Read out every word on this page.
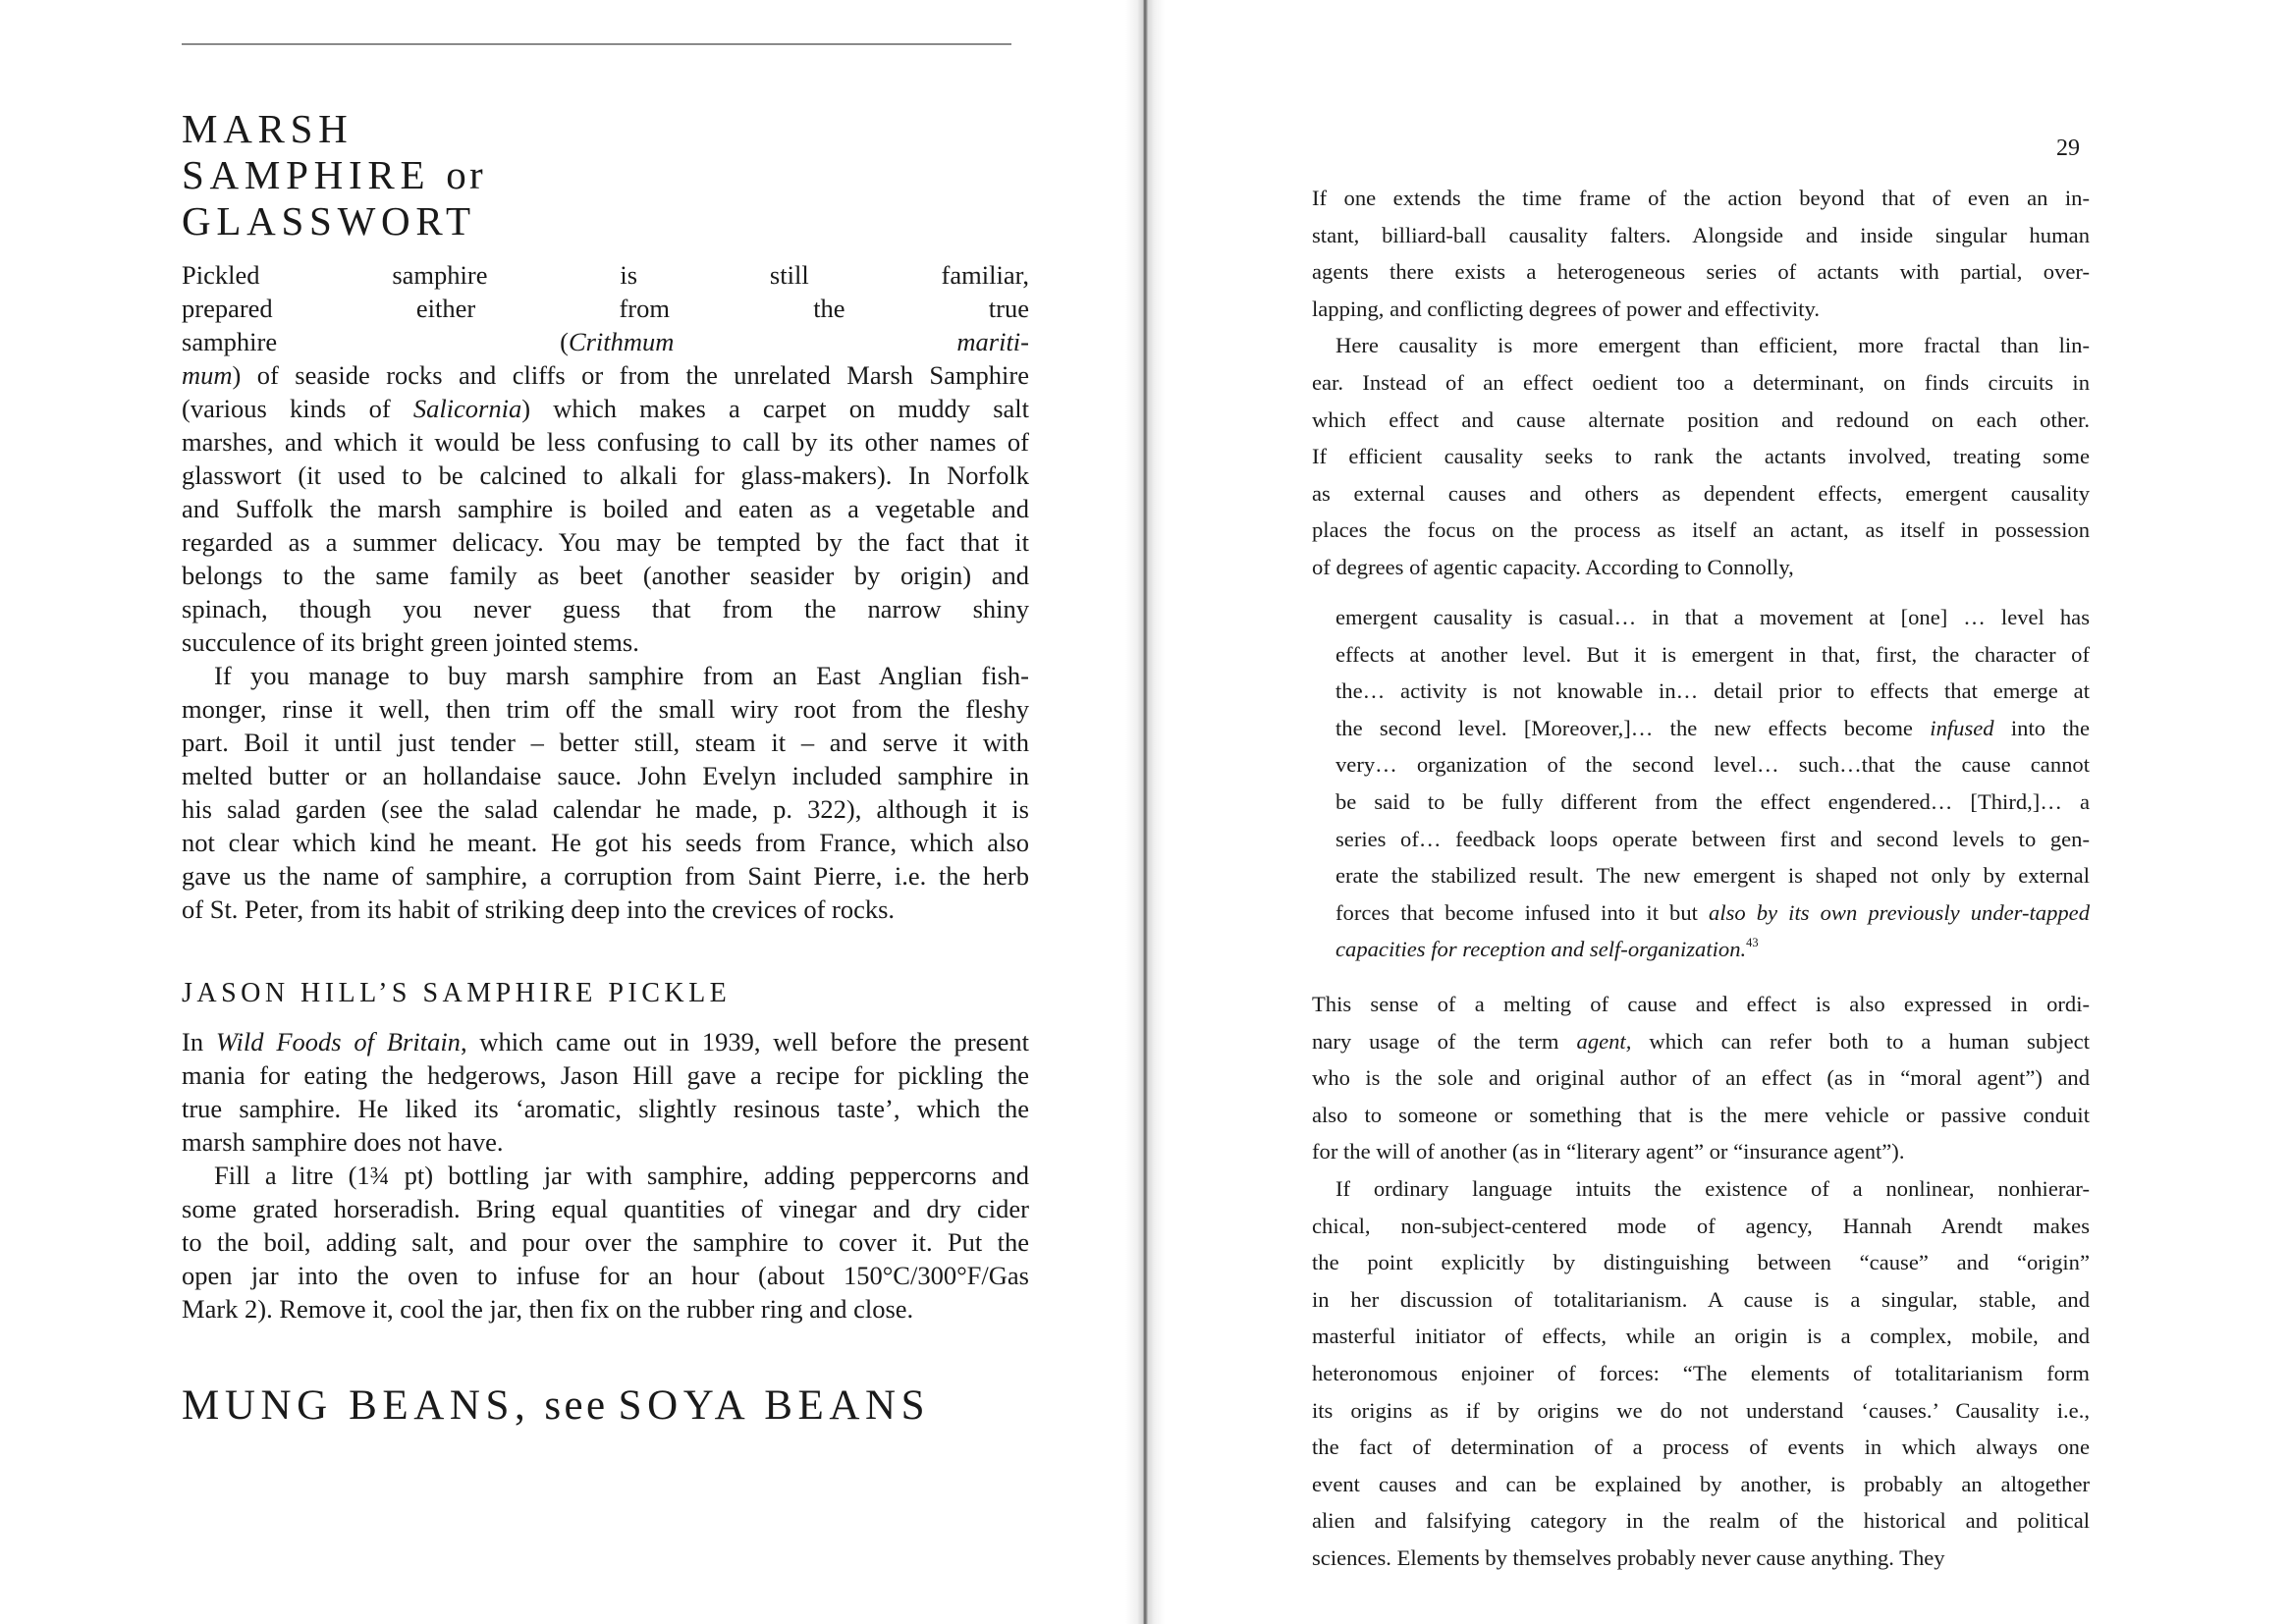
MARSH
SAMPHIRE or
GLASSWORT
Pickled samphire is still familiar,
prepared either from the true
samphire (Crithmum mariti-
mum) of seaside rocks and cliffs or from the unrelated Marsh Samphire
(various kinds of Salicornia) which makes a carpet on muddy salt
marshes, and which it would be less confusing to call by its other names of
glasswort (it used to be calcined to alkali for glass-makers). In Norfolk
and Suffolk the marsh samphire is boiled and eaten as a vegetable and
regarded as a summer delicacy. You may be tempted by the fact that it
belongs to the same family as beet (another seasider by origin) and
spinach, though you never guess that from the narrow shiny
succulence of its bright green jointed stems.
If you manage to buy marsh samphire from an East Anglian fish-
monger, rinse it well, then trim off the small wiry root from the fleshy
part. Boil it until just tender – better still, steam it – and serve it with
melted butter or an hollandaise sauce. John Evelyn included samphire in
his salad garden (see the salad calendar he made, p. 322), although it is
not clear which kind he meant. He got his seeds from France, which also
gave us the name of samphire, a corruption from Saint Pierre, i.e. the herb
of St. Peter, from its habit of striking deep into the crevices of rocks.
JASON HILL’S SAMPHIRE PICKLE
In Wild Foods of Britain, which came out in 1939, well before the present
mania for eating the hedgerows, Jason Hill gave a recipe for pickling the
true samphire. He liked its ‘aromatic, slightly resinous taste’, which the
marsh samphire does not have.
Fill a litre (1¾ pt) bottling jar with samphire, adding peppercorns and
some grated horseradish. Bring equal quantities of vinegar and dry cider
to the boil, adding salt, and pour over the samphire to cover it. Put the
open jar into the oven to infuse for an hour (about 150°C/300°F/Gas
Mark 2). Remove it, cool the jar, then fix on the rubber ring and close.
MUNG BEANS, see SOYA BEANS
29
If one extends the time frame of the action beyond that of even an in-
stant, billiard-ball causality falters. Alongside and inside singular human
agents there exists a heterogeneous series of actants with partial, over-
lapping, and conflicting degrees of power and effectivity.
Here causality is more emergent than efficient, more fractal than lin-
ear. Instead of an effect oedient too a determinant, on finds circuits in
which effect and cause alternate position and redound on each other.
If efficient causality seeks to rank the actants involved, treating some
as external causes and others as dependent effects, emergent causality
places the focus on the process as itself an actant, as itself in possession
of degrees of agentic capacity. According to Connolly,
emergent causality is casual… in that a movement at [one] … level has
effects at another level. But it is emergent in that, first, the character of
the… activity is not knowable in… detail prior to effects that emerge at
the second level. [Moreover,]… the new effects become infused into the
very… organization of the second level… such…that the cause cannot
be said to be fully different from the effect engendered… [Third,]… a
series of… feedback loops operate between first and second levels to gen-
erate the stabilized result. The new emergent is shaped not only by external
forces that become infused into it but also by its own previously under-tapped
capacities for reception and self-organization.$^{43}$
This sense of a melting of cause and effect is also expressed in ordi-
nary usage of the term agent, which can refer both to a human subject
who is the sole and original author of an effect (as in “moral agent”) and
also to someone or something that is the mere vehicle or passive conduit
for the will of another (as in “literary agent” or “insurance agent”).
If ordinary language intuits the existence of a nonlinear, nonhierar-
chical, non-subject-centered mode of agency, Hannah Arendt makes
the point explicitly by distinguishing between “cause” and “origin”
in her discussion of totalitarianism. A cause is a singular, stable, and
masterful initiator of effects, while an origin is a complex, mobile, and
heteronomous enjoiner of forces: “The elements of totalitarianism form
its origins as if by origins we do not understand ‘causes.’ Causality i.e.,
the fact of determination of a process of events in which always one
event causes and can be explained by another, is probably an altogether
alien and falsifying category in the realm of the historical and political
sciences. Elements by themselves probably never cause anything. They
